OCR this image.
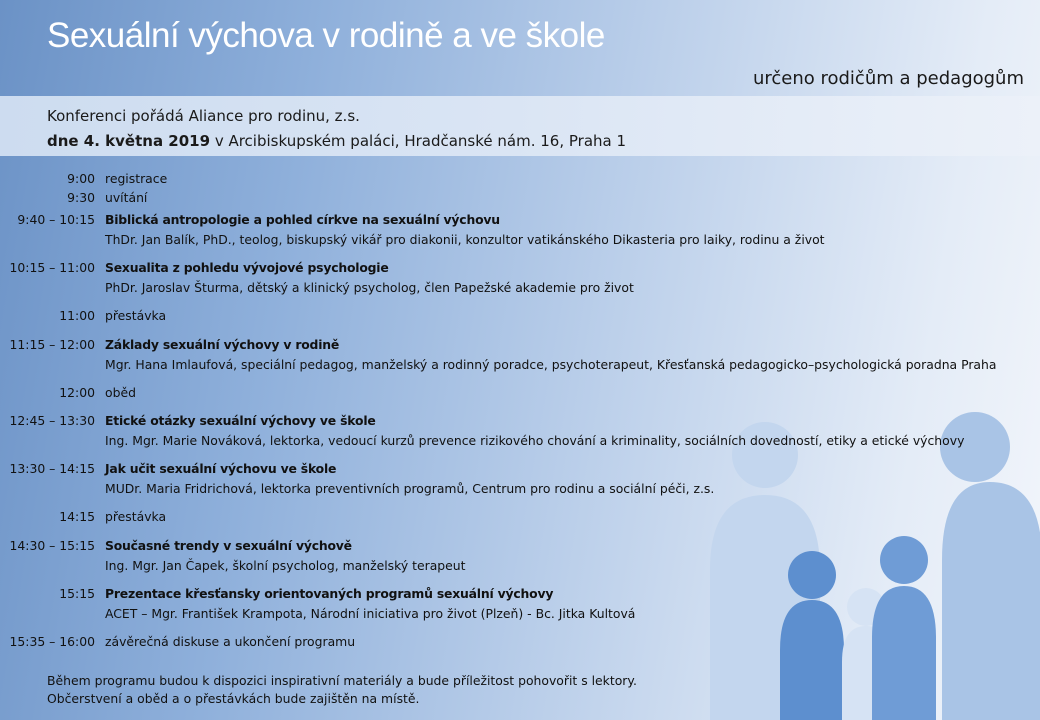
Sexuální výchova v rodině a ve škole
určeno rodičům a pedagogům
Konferenci pořádá Aliance pro rodinu, z.s.
dne 4. května 2019 v Arcibiskupském paláci, Hradčanské nám. 16, Praha 1
9:00 registrace
9:30 uvítání
9:40 – 10:15 Biblická antropologie a pohled církve na sexuální výchovu
ThDr. Jan Balík, PhD., teolog, biskupský vikář pro diakonii, konzultor vatikánského Dikasteria pro laiky, rodinu a život
10:15 – 11:00 Sexualita z pohledu vývojové psychologie
PhDr. Jaroslav Šturma, dětský a klinický psycholog, člen Papežské akademie pro život
11:00 přestávka
11:15 – 12:00 Základy sexuální výchovy v rodině
Mgr. Hana Imlaufová, speciální pedagog, manželský a rodinný poradce, psychoterapeut, Křesťanská pedagogicko–psychologická poradna Praha
12:00 oběd
12:45 – 13:30 Etické otázky sexuální výchovy ve škole
Ing. Mgr. Marie Nováková, lektorka, vedoucí kurzů prevence rizikového chování a kriminality, sociálních dovedností, etiky a etické výchovy
13:30 – 14:15 Jak učit sexuální výchovu ve škole
MUDr. Maria Fridrichová, lektorka preventivních programů, Centrum pro rodinu a sociální péči, z.s.
14:15 přestávka
14:30 – 15:15 Současné trendy v sexuální výchově
Ing. Mgr. Jan Čapek, školní psycholog, manželský terapeut
15:15 Prezentace křesťansky orientovaných programů sexuální výchovy
ACET – Mgr. František Krampota, Národní iniciativa pro život (Plzeň) - Bc. Jitka Kultová
15:35 – 16:00 závěrečná diskuse a ukončení programu
Během programu budou k dispozici inspirativní materiály a bude příležitost pohovořit s lektory.
Občerstvení a oběd a o přestávkách bude zajištěn na místě.
